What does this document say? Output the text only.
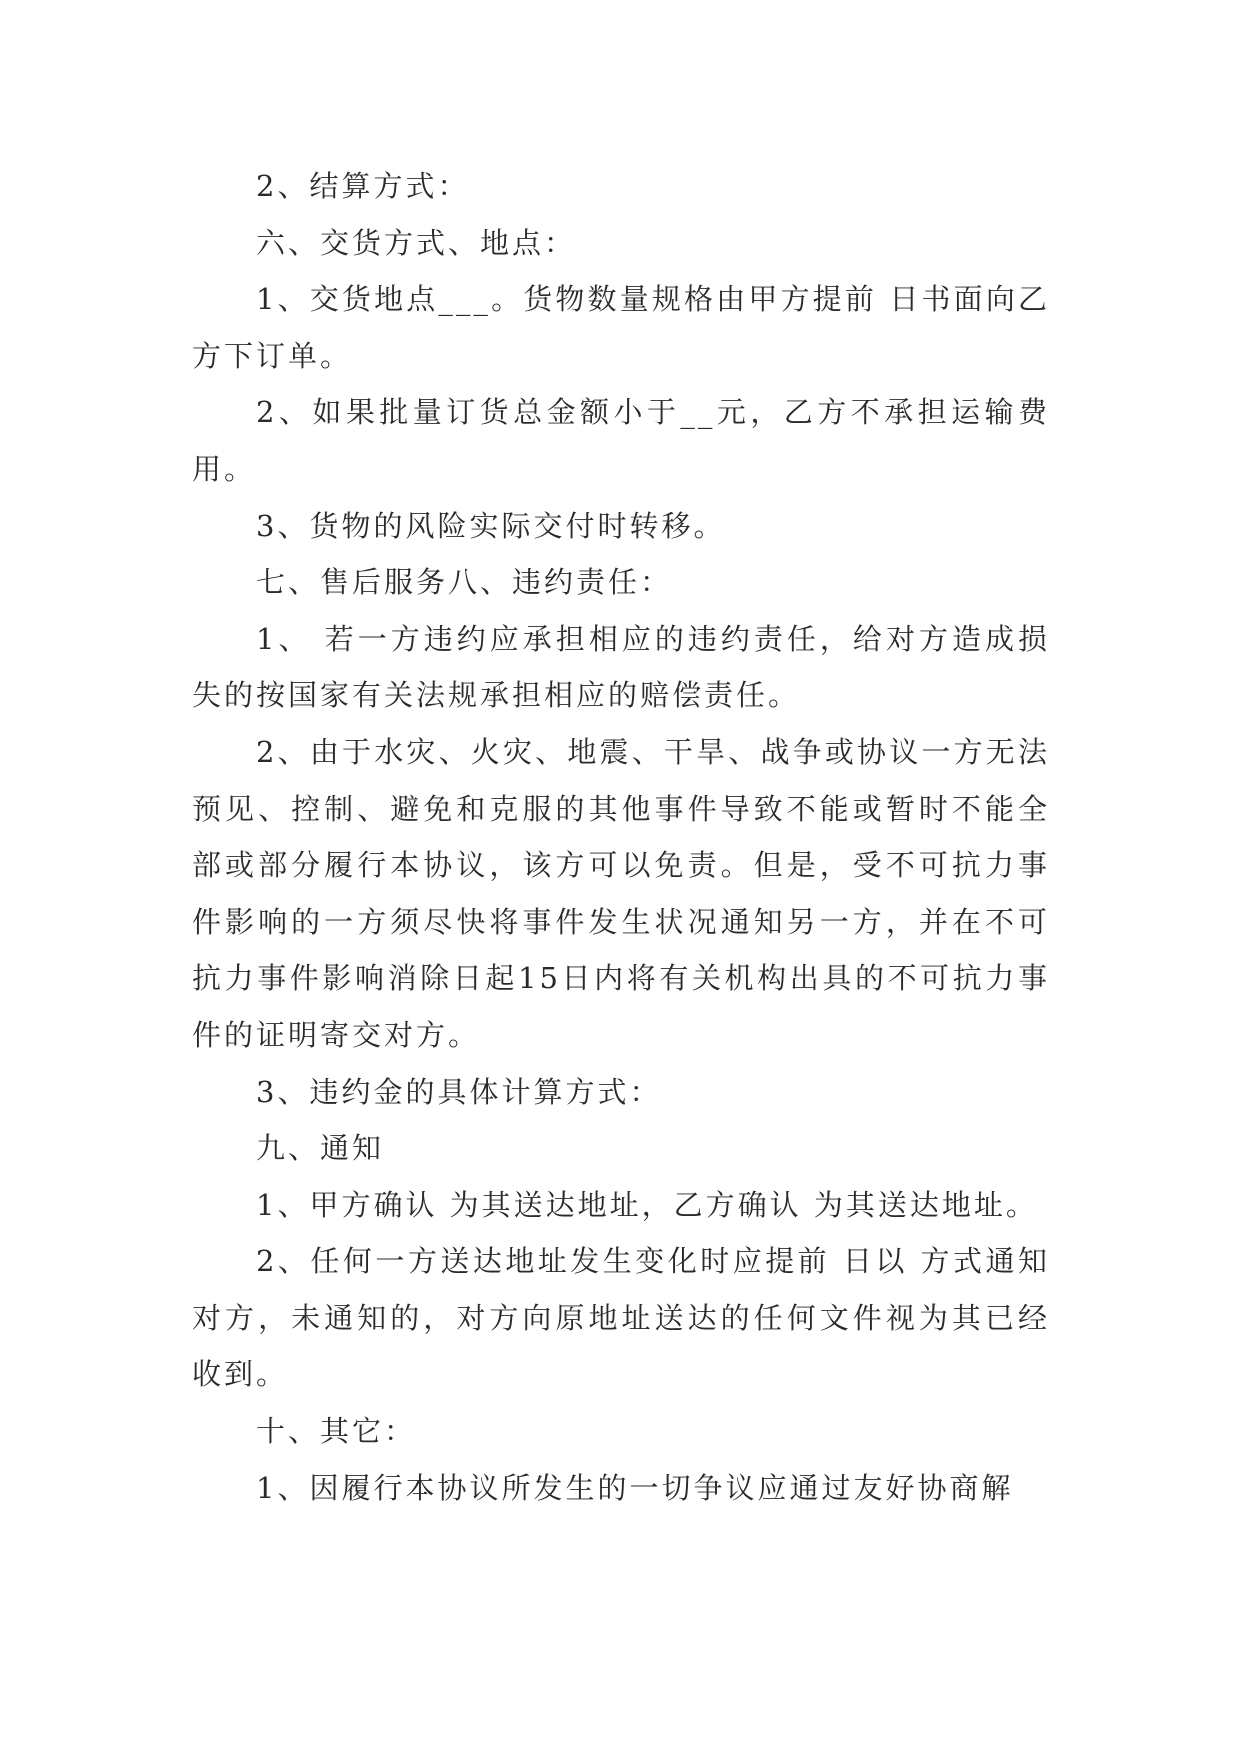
2、结算方式：

六、交货方式、地点：

1、交货地点___。货物数量规格由甲方提前 日书面向乙方下订单。

2、如果批量订货总金额小于__元，乙方不承担运输费用。

3、货物的风险实际交付时转移。

七、售后服务八、违约责任：

1、 若一方违约应承担相应的违约责任，给对方造成损失的按国家有关法规承担相应的赔偿责任。

2、由于水灾、火灾、地震、干旱、战争或协议一方无法预见、控制、避免和克服的其他事件导致不能或暂时不能全部或部分履行本协议，该方可以免责。但是，受不可抗力事件影响的一方须尽快将事件发生状况通知另一方，并在不可抗力事件影响消除日起15日内将有关机构出具的不可抗力事件的证明寄交对方。

3、违约金的具体计算方式：

九、通知

1、甲方确认 为其送达地址，乙方确认 为其送达地址。

2、任何一方送达地址发生变化时应提前 日以 方式通知对方，未通知的，对方向原地址送达的任何文件视为其已经收到。

十、其它：

1、因履行本协议所发生的一切争议应通过友好协商解
